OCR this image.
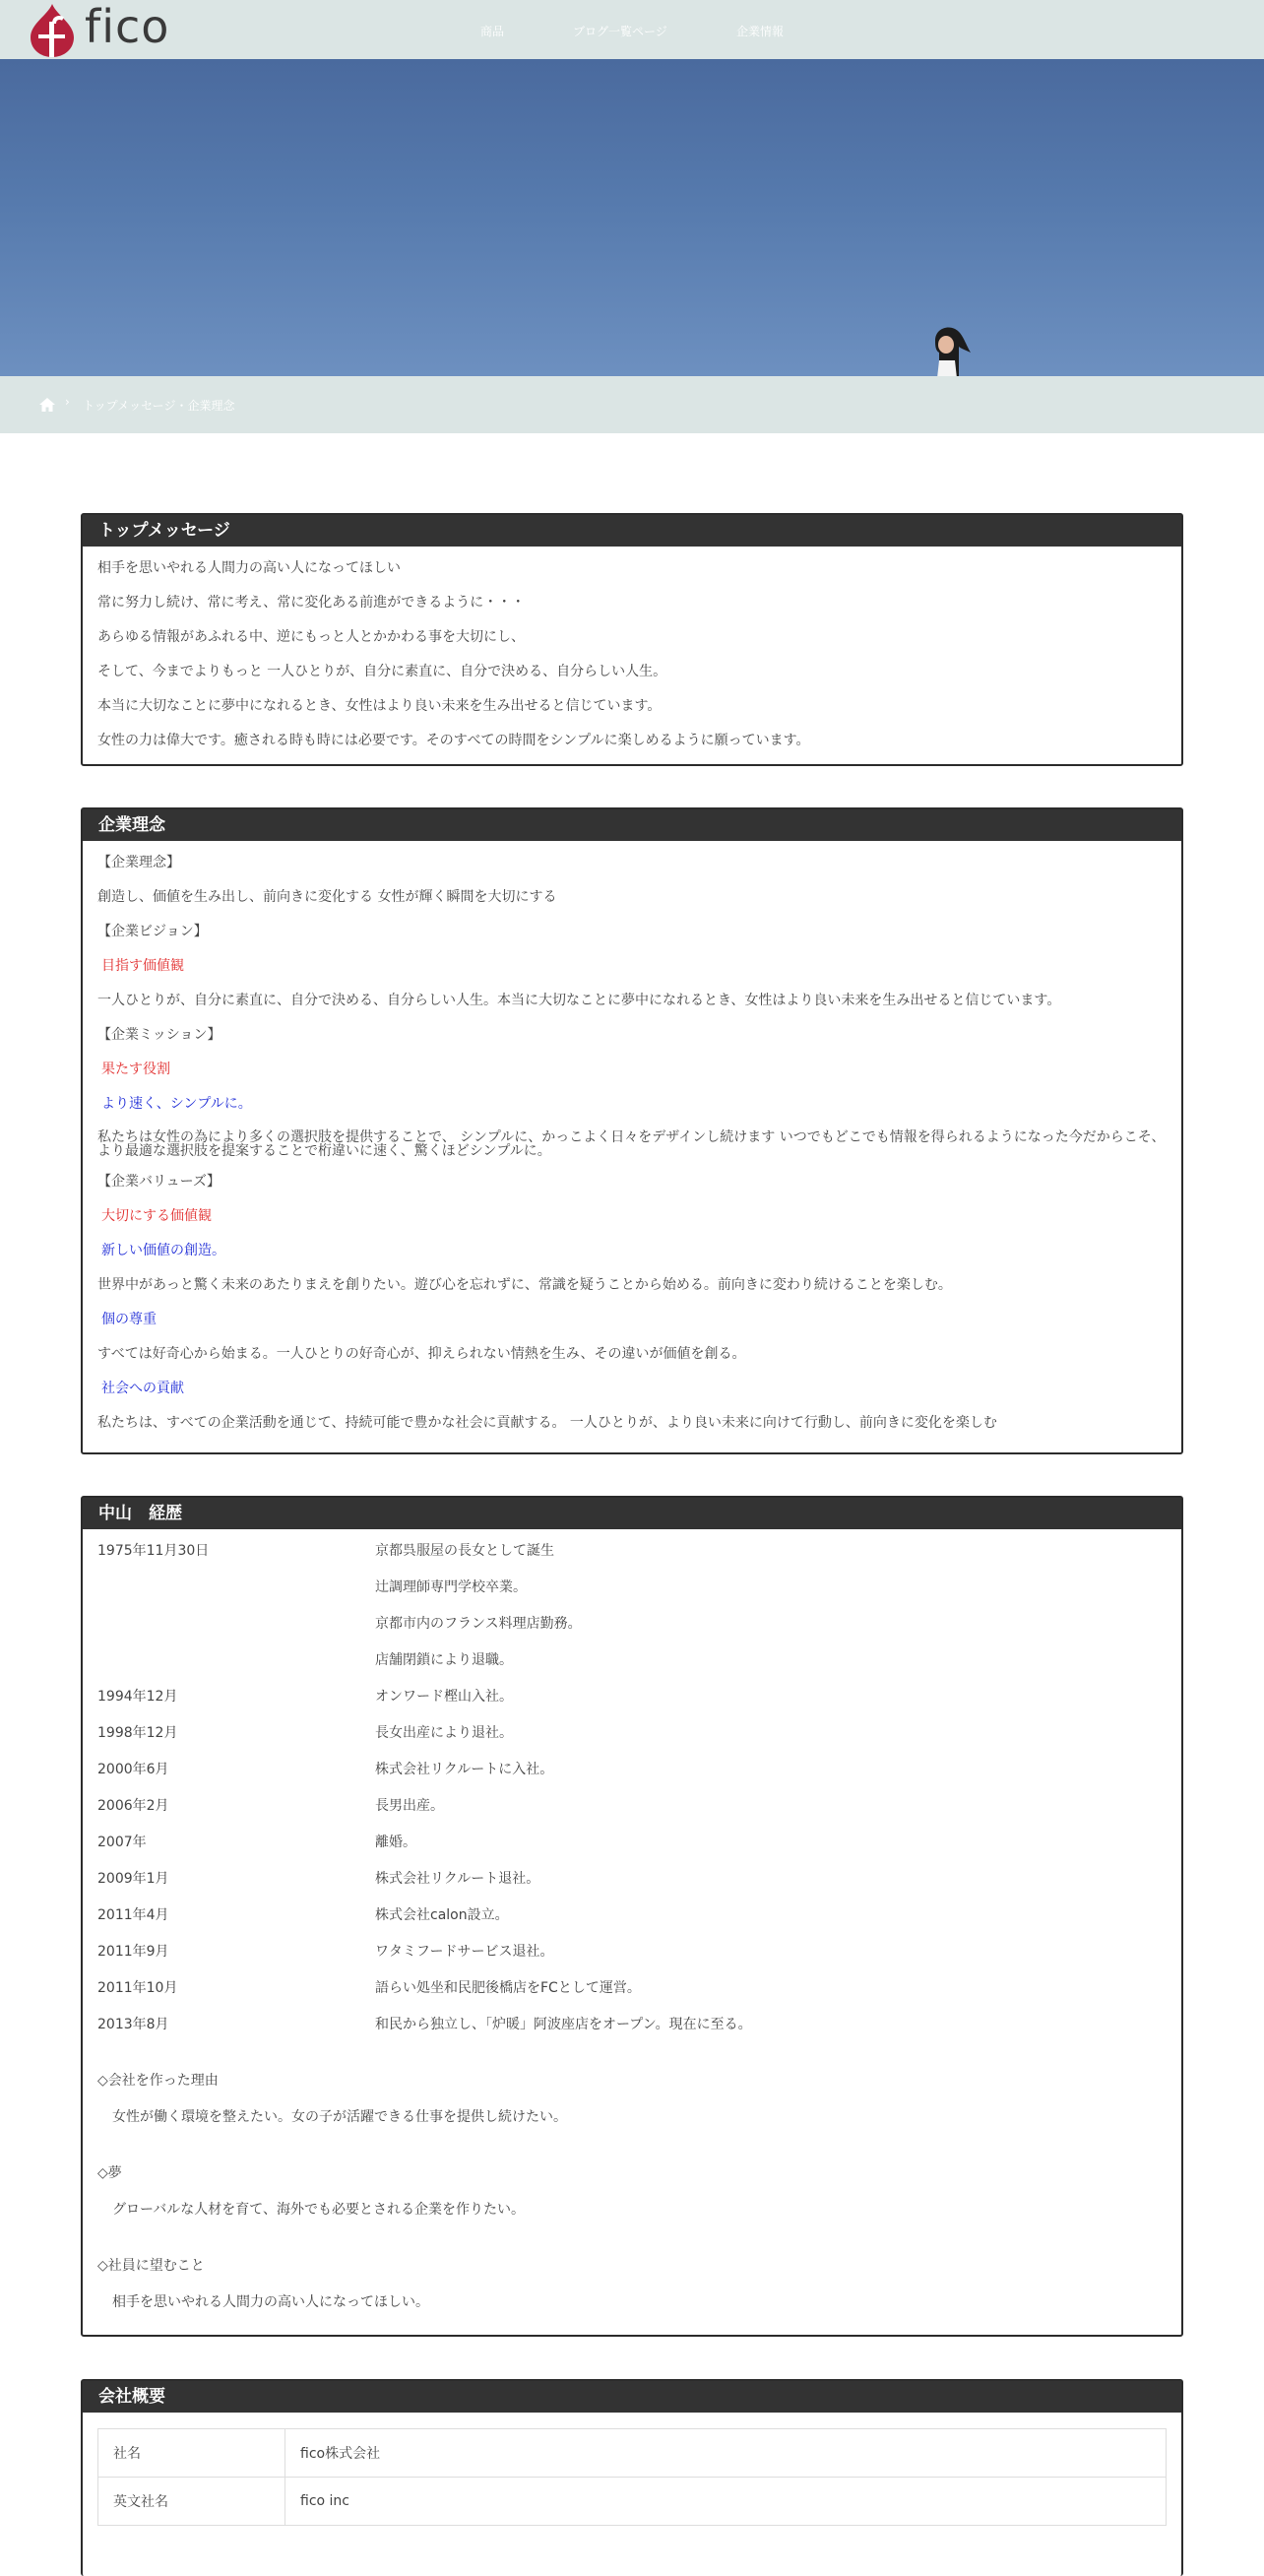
fico	商品	ブログ一覧ページ	企業情報
› トップメッセージ・企業理念
トップメッセージ
相手を思いやれる人間力の高い人になってほしい
常に努力し続け、常に考え、常に変化ある前進ができるように・・・
あらゆる情報があふれる中、逆にもっと人とかかわる事を大切にし、
そして、今までよりもっと 一人ひとりが、自分に素直に、自分で決める、自分らしい人生。
本当に大切なことに夢中になれるとき、女性はより良い未来を生み出せると信じています。
女性の力は偉大です。癒される時も時には必要です。そのすべての時間をシンプルに楽しめるように願っています。
企業理念
【企業理念】
創造し、価値を生み出し、前向きに変化する 女性が輝く瞬間を大切にする
【企業ビジョン】
目指す価値観
一人ひとりが、自分に素直に、自分で決める、自分らしい人生。本当に大切なことに夢中になれるとき、女性はより良い未来を生み出せると信じています。
【企業ミッション】
果たす役割
より速く、シンプルに。
私たちは女性の為により多くの選択肢を提供することで、 シンプルに、かっこよく日々をデザインし続けます いつでもどこでも情報を得られるようになった今だからこそ、より最適な選択肢を提案することで桁違いに速く、驚くほどシンプルに。
【企業バリューズ】
大切にする価値観
新しい価値の創造。
世界中があっと驚く未来のあたりまえを創りたい。遊び心を忘れずに、常識を疑うことから始める。前向きに変わり続けることを楽しむ。
個の尊重
すべては好奇心から始まる。一人ひとりの好奇心が、抑えられない情熱を生み、その違いが価値を創る。
社会への貢献
私たちは、すべての企業活動を通じて、持続可能で豊かな社会に貢献する。 一人ひとりが、より良い未来に向けて行動し、前向きに変化を楽しむ
中山　経歴
1975年11月30日	京都呉服屋の長女として誕生
辻調理師専門学校卒業。
京都市内のフランス料理店勤務。
店舗閉鎖により退職。
1994年12月	オンワード樫山入社。
1998年12月	長女出産により退社。
2000年6月	株式会社リクルートに入社。
2006年2月	長男出産。
2007年	離婚。
2009年1月	株式会社リクルート退社。
2011年4月	株式会社calon設立。
2011年9月	ワタミフードサービス退社。
2011年10月	語らい処坐和民肥後橋店をFCとして運営。
2013年8月	和民から独立し、「炉暖」阿波座店をオープン。現在に至る。
◇会社を作った理由
女性が働く環境を整えたい。女の子が活躍できる仕事を提供し続けたい。
◇夢
グローバルな人材を育て、海外でも必要とされる企業を作りたい。
◇社員に望むこと
相手を思いやれる人間力の高い人になってほしい。
会社概要
社名	fico株式会社
英文社名	fico inc
